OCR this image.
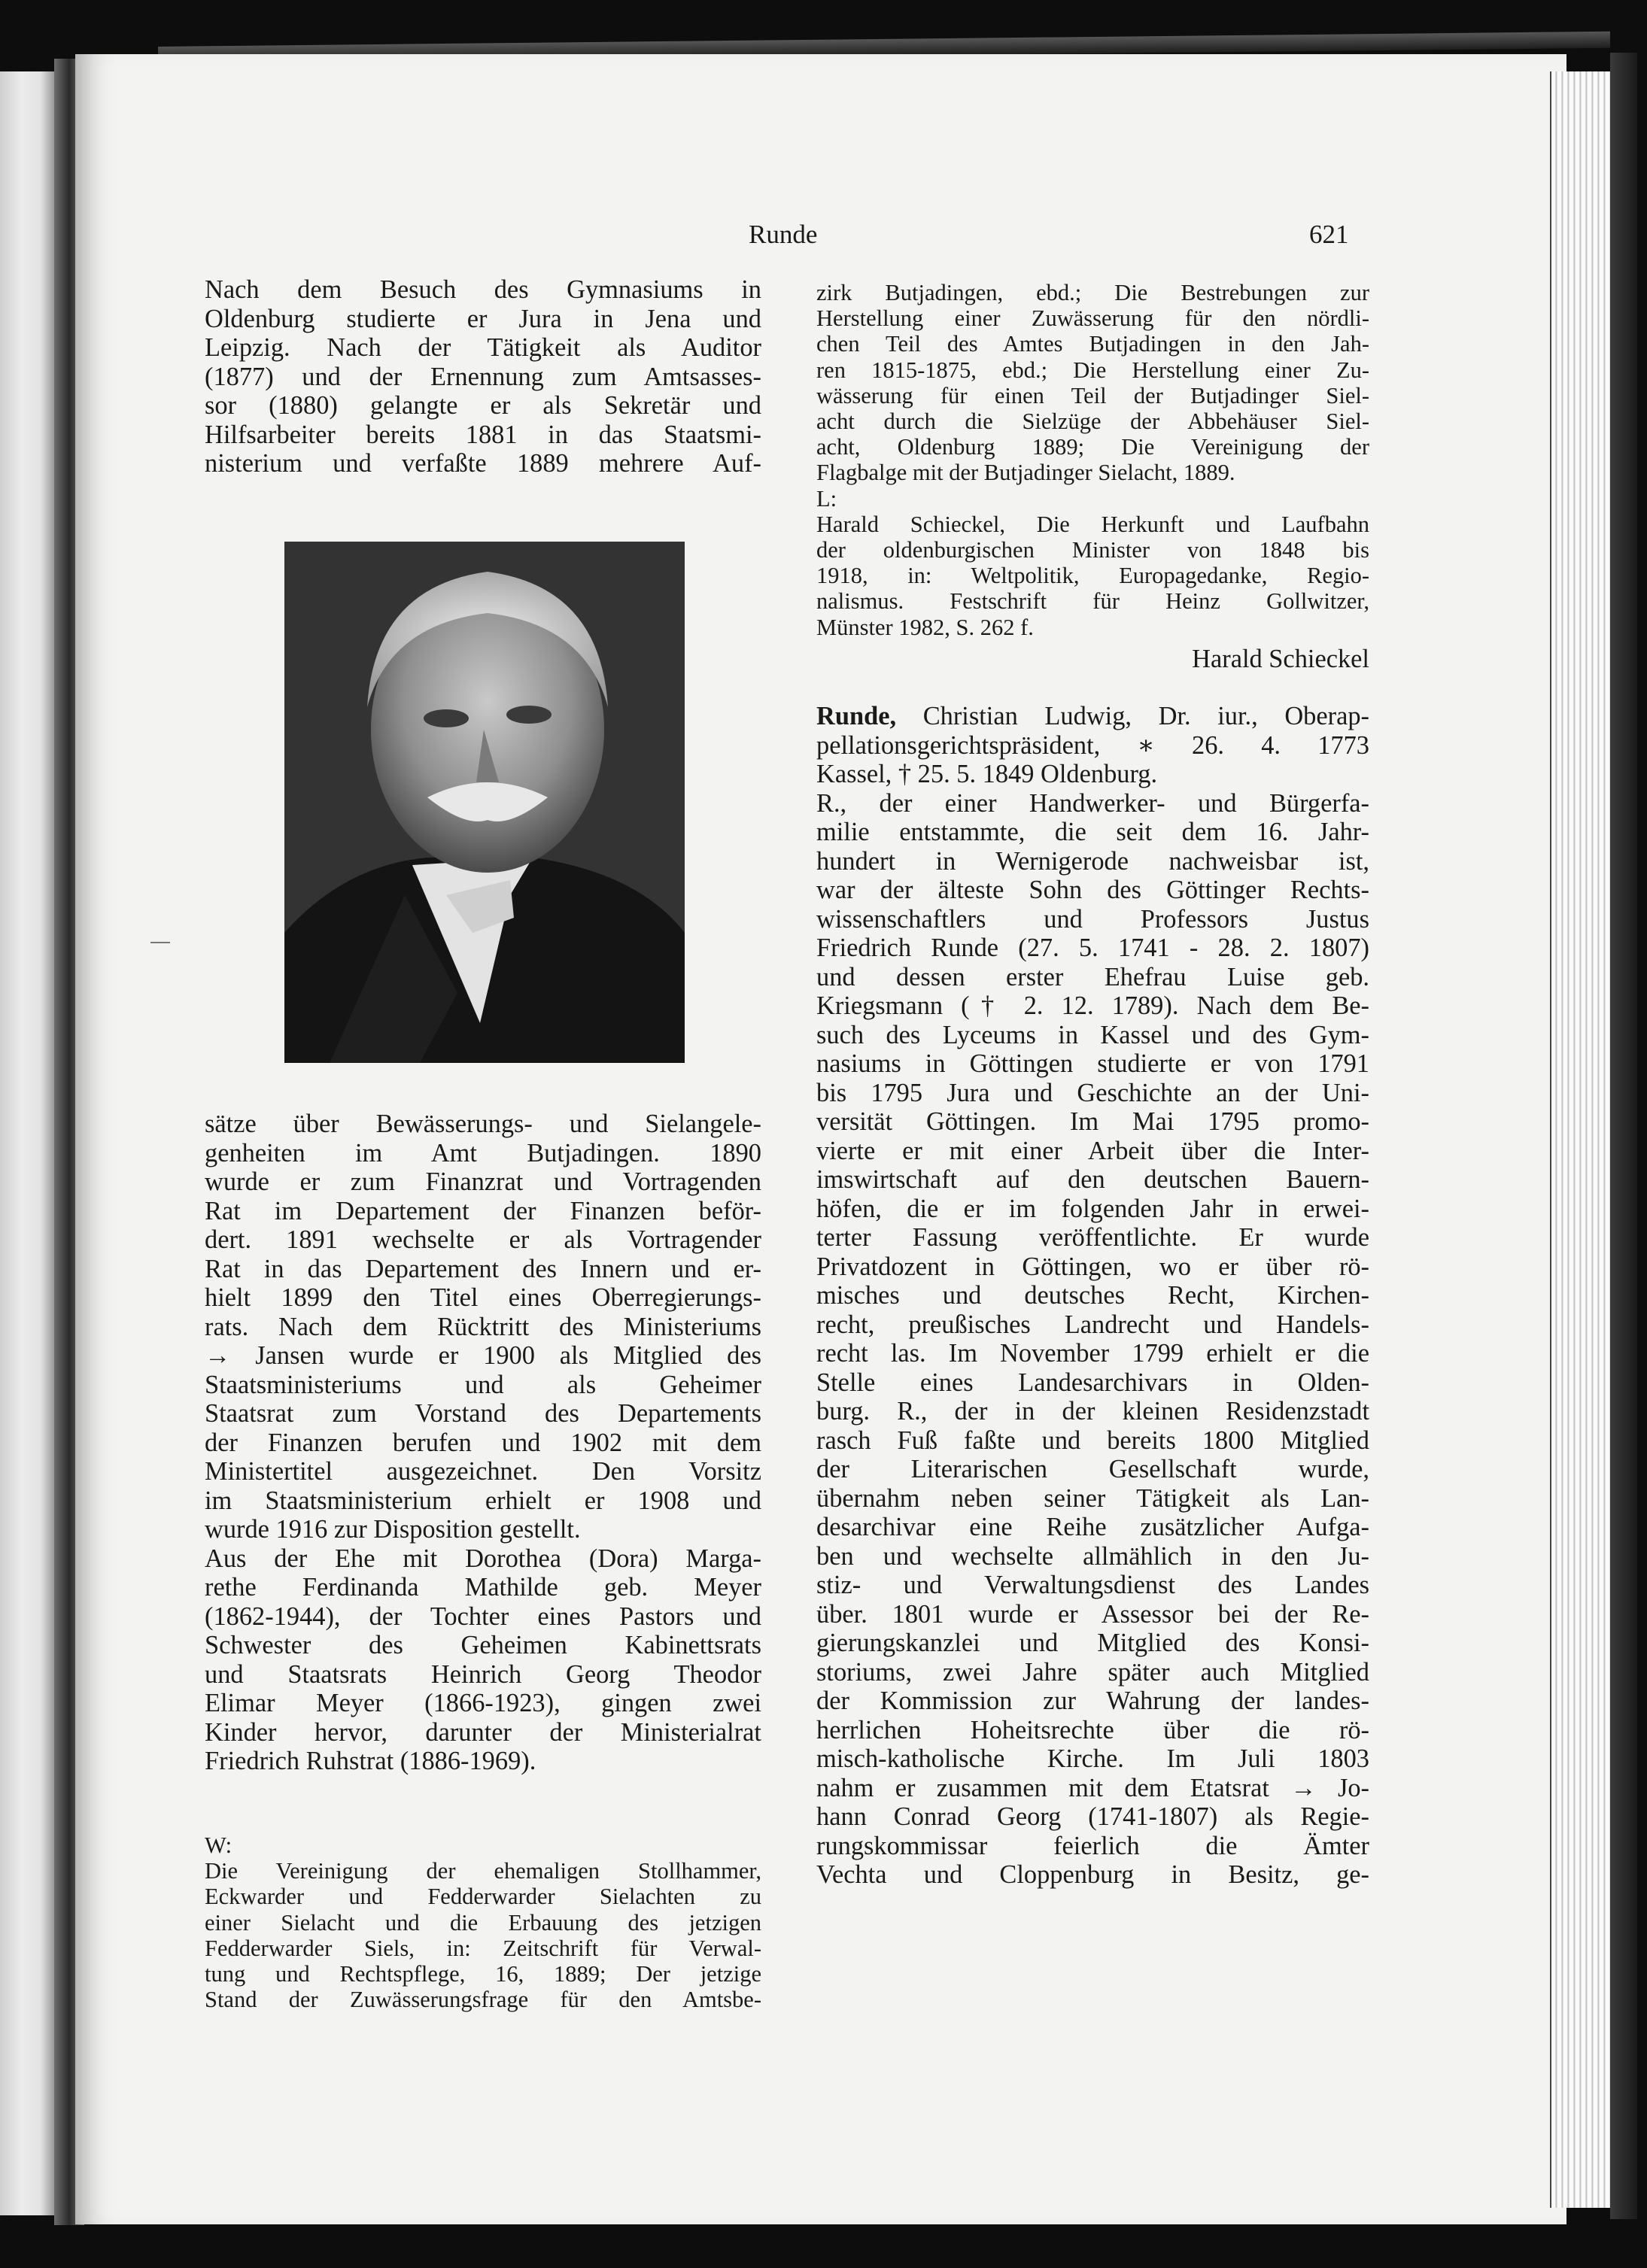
Runde	621
Nach dem Besuch des Gymnasiums in
Oldenburg studierte er Jura in Jena und
Leipzig. Nach der Tätigkeit als Auditor
(1877) und der Ernennung zum Amtsasses-
sor (1880) gelangte er als Sekretär und
Hilfsarbeiter bereits 1881 in das Staatsmi-
nisterium und verfaßte 1889 mehrere Auf-
sätze über Bewässerungs- und Sielangele-
genheiten im Amt Butjadingen. 1890
wurde er zum Finanzrat und Vortragenden
Rat im Departement der Finanzen beför-
dert. 1891 wechselte er als Vortragender
Rat in das Departement des Innern und er-
hielt 1899 den Titel eines Oberregierungs-
rats. Nach dem Rücktritt des Ministeriums
→ Jansen wurde er 1900 als Mitglied des
Staatsministeriums und als Geheimer
Staatsrat zum Vorstand des Departements
der Finanzen berufen und 1902 mit dem
Ministertitel ausgezeichnet. Den Vorsitz
im Staatsministerium erhielt er 1908 und
wurde 1916 zur Disposition gestellt.
Aus der Ehe mit Dorothea (Dora) Marga-
rethe Ferdinanda Mathilde geb. Meyer
(1862-1944), der Tochter eines Pastors und
Schwester des Geheimen Kabinettsrats
und Staatsrats Heinrich Georg Theodor
Elimar Meyer (1866-1923), gingen zwei
Kinder hervor, darunter der Ministerialrat
Friedrich Ruhstrat (1886-1969).
W:
Die Vereinigung der ehemaligen Stollhammer,
Eckwarder und Fedderwarder Sielachten zu
einer Sielacht und die Erbauung des jetzigen
Fedderwarder Siels, in: Zeitschrift für Verwal-
tung und Rechtspflege, 16, 1889; Der jetzige
Stand der Zuwässerungsfrage für den Amtsbe-
zirk Butjadingen, ebd.; Die Bestrebungen zur
Herstellung einer Zuwässerung für den nördli-
chen Teil des Amtes Butjadingen in den Jah-
ren 1815-1875, ebd.; Die Herstellung einer Zu-
wässerung für einen Teil der Butjadinger Siel-
acht durch die Sielzüge der Abbehäuser Siel-
acht, Oldenburg 1889; Die Vereinigung der
Flagbalge mit der Butjadinger Sielacht, 1889.
L:
Harald Schieckel, Die Herkunft und Laufbahn
der oldenburgischen Minister von 1848 bis
1918, in: Weltpolitik, Europagedanke, Regio-
nalismus. Festschrift für Heinz Gollwitzer,
Münster 1982, S. 262 f.
Harald Schieckel
Runde, Christian Ludwig, Dr. iur., Oberap-
pellationsgerichtspräsident, ∗ 26. 4. 1773
Kassel, † 25. 5. 1849 Oldenburg.
R., der einer Handwerker- und Bürgerfa-
milie entstammte, die seit dem 16. Jahr-
hundert in Wernigerode nachweisbar ist,
war der älteste Sohn des Göttinger Rechts-
wissenschaftlers und Professors Justus
Friedrich Runde (27. 5. 1741 - 28. 2. 1807)
und dessen erster Ehefrau Luise geb.
Kriegsmann († 2. 12. 1789). Nach dem Be-
such des Lyceums in Kassel und des Gym-
nasiums in Göttingen studierte er von 1791
bis 1795 Jura und Geschichte an der Uni-
versität Göttingen. Im Mai 1795 promo-
vierte er mit einer Arbeit über die Inter-
imswirtschaft auf den deutschen Bauern-
höfen, die er im folgenden Jahr in erwei-
terter Fassung veröffentlichte. Er wurde
Privatdozent in Göttingen, wo er über rö-
misches und deutsches Recht, Kirchen-
recht, preußisches Landrecht und Handels-
recht las. Im November 1799 erhielt er die
Stelle eines Landesarchivars in Olden-
burg. R., der in der kleinen Residenzstadt
rasch Fuß faßte und bereits 1800 Mitglied
der Literarischen Gesellschaft wurde,
übernahm neben seiner Tätigkeit als Lan-
desarchivar eine Reihe zusätzlicher Aufga-
ben und wechselte allmählich in den Ju-
stiz- und Verwaltungsdienst des Landes
über. 1801 wurde er Assessor bei der Re-
gierungskanzlei und Mitglied des Konsi-
storiums, zwei Jahre später auch Mitglied
der Kommission zur Wahrung der landes-
herrlichen Hoheitsrechte über die rö-
misch-katholische Kirche. Im Juli 1803
nahm er zusammen mit dem Etatsrat → Jo-
hann Conrad Georg (1741-1807) als Regie-
rungskommissar feierlich die Ämter
Vechta und Cloppenburg in Besitz, ge-
